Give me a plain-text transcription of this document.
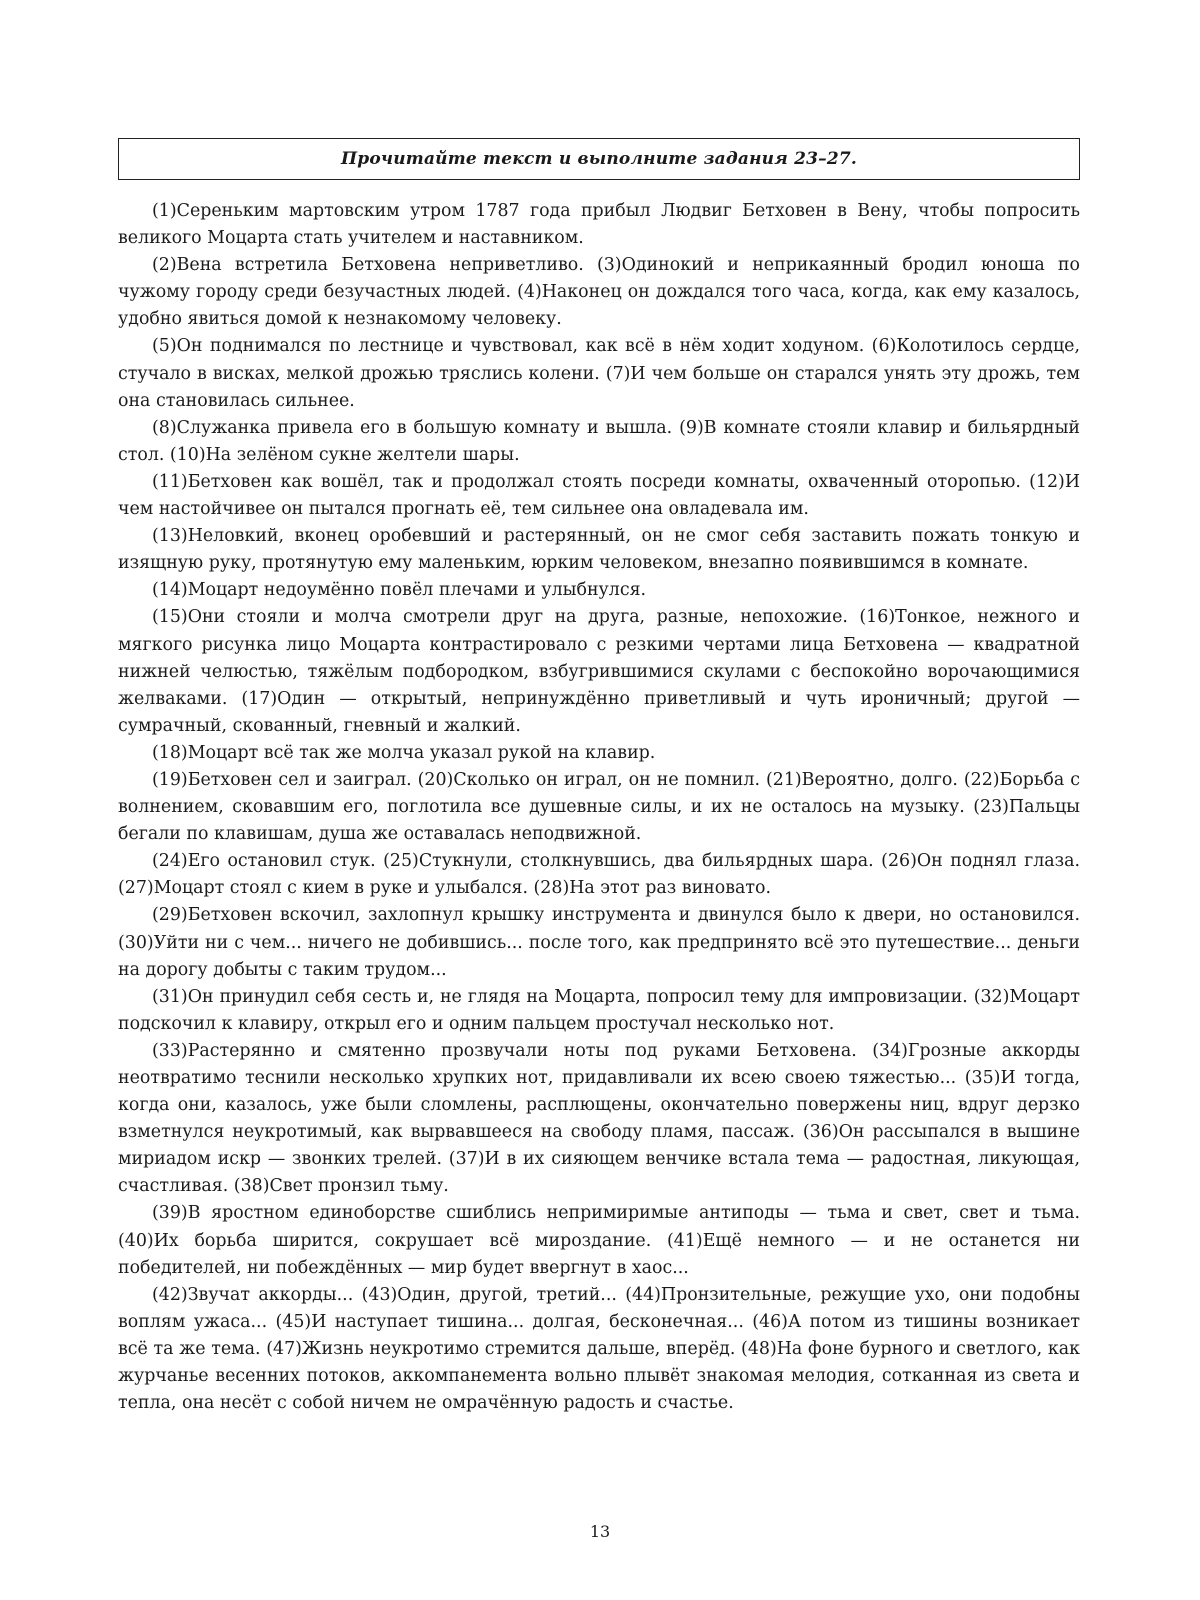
Прочитайте текст и выполните задания 23–27.

(1)Сереньким мартовским утром 1787 года прибыл Людвиг Бетховен в Вену, чтобы попросить великого Моцарта стать учителем и наставником.

(2)Вена встретила Бетховена неприветливо. (3)Одинокий и неприкаянный бродил юноша по чужому городу среди безучастных людей. (4)Наконец он дождался того часа, когда, как ему казалось, удобно явиться домой к незнакомому человеку.

(5)Он поднимался по лестнице и чувствовал, как всё в нём ходит ходуном. (6)Колотилось сердце, стучало в висках, мелкой дрожью тряслись колени. (7)И чем больше он старался унять эту дрожь, тем она становилась сильнее.

(8)Служанка привела его в большую комнату и вышла. (9)В комнате стояли клавир и бильярдный стол. (10)На зелёном сукне желтели шары.

(11)Бетховен как вошёл, так и продолжал стоять посреди комнаты, охваченный оторопью. (12)И чем настойчивее он пытался прогнать её, тем сильнее она овладевала им.

(13)Неловкий, вконец оробевший и растерянный, он не смог себя заставить пожать тонкую и изящную руку, протянутую ему маленьким, юрким человеком, внезапно появившимся в комнате.

(14)Моцарт недоумённо повёл плечами и улыбнулся.

(15)Они стояли и молча смотрели друг на друга, разные, непохожие. (16)Тонкое, нежного и мягкого рисунка лицо Моцарта контрастировало с резкими чертами лица Бетховена — квадратной нижней челюстью, тяжёлым подбородком, взбугрившимися скулами с беспокойно ворочающимися желваками. (17)Один — открытый, непринуждённо приветливый и чуть ироничный; другой — сумрачный, скованный, гневный и жалкий.

(18)Моцарт всё так же молча указал рукой на клавир.

(19)Бетховен сел и заиграл. (20)Сколько он играл, он не помнил. (21)Вероятно, долго. (22)Борьба с волнением, сковавшим его, поглотила все душевные силы, и их не осталось на музыку. (23)Пальцы бегали по клавишам, душа же оставалась неподвижной.

(24)Его остановил стук. (25)Стукнули, столкнувшись, два бильярдных шара. (26)Он поднял глаза. (27)Моцарт стоял с кием в руке и улыбался. (28)На этот раз виновато.

(29)Бетховен вскочил, захлопнул крышку инструмента и двинулся было к двери, но остановился. (30)Уйти ни с чем... ничего не добившись... после того, как предпринято всё это путешествие... деньги на дорогу добыты с таким трудом...

(31)Он принудил себя сесть и, не глядя на Моцарта, попросил тему для импровизации. (32)Моцарт подскочил к клавиру, открыл его и одним пальцем простучал несколько нот.

(33)Растерянно и смятенно прозвучали ноты под руками Бетховена. (34)Грозные аккорды неотвратимо теснили несколько хрупких нот, придавливали их всею своею тяжестью... (35)И тогда, когда они, казалось, уже были сломлены, расплющены, окончательно повержены ниц, вдруг дерзко взметнулся неукротимый, как вырвавшееся на свободу пламя, пассаж. (36)Он рассыпался в вышине мириадом искр — звонких трелей. (37)И в их сияющем венчике встала тема — радостная, ликующая, счастливая. (38)Свет пронзил тьму.

(39)В яростном единоборстве сшиблись непримиримые антиподы — тьма и свет, свет и тьма. (40)Их борьба ширится, сокрушает всё мироздание. (41)Ещё немного — и не останется ни победителей, ни побеждённых — мир будет ввергнут в хаос...

(42)Звучат аккорды... (43)Один, другой, третий... (44)Пронзительные, режущие ухо, они подобны воплям ужаса... (45)И наступает тишина... долгая, бесконечная... (46)А потом из тишины возникает всё та же тема. (47)Жизнь неукротимо стремится дальше, вперёд. (48)На фоне бурного и светлого, как журчанье весенних потоков, аккомпанемента вольно плывёт знакомая мелодия, сотканная из света и тепла, она несёт с собой ничем не омрачённую радость и счастье.

13
